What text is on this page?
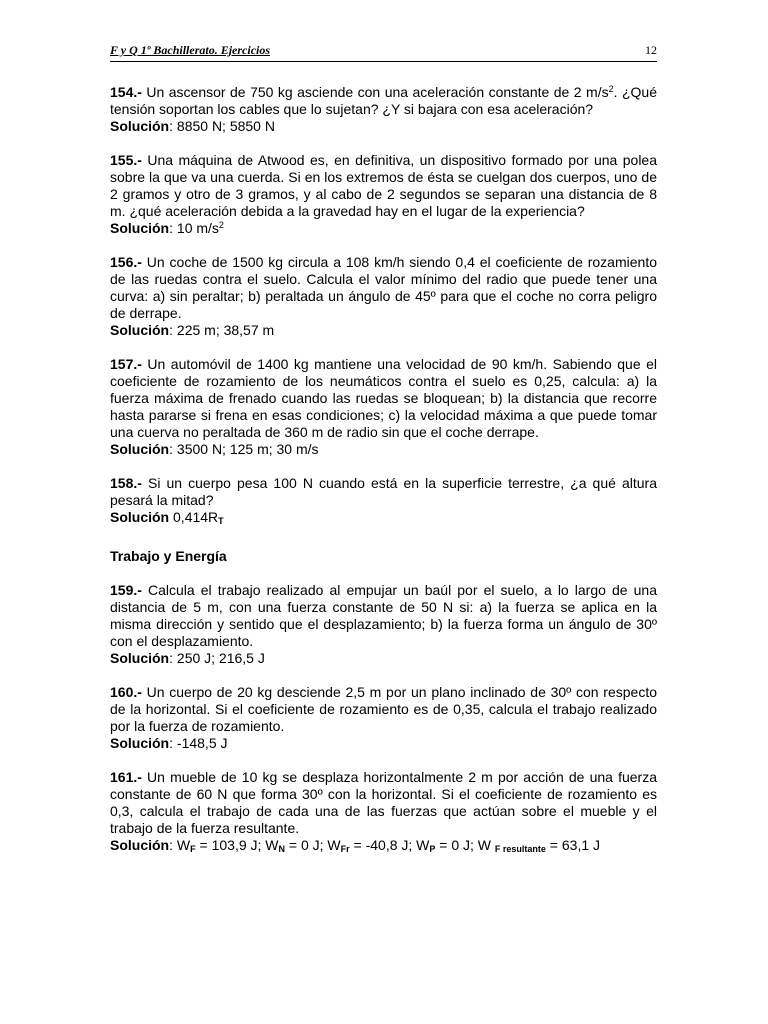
F y Q 1º Bachillerato. Ejercicios	12
154.- Un ascensor de 750 kg asciende con una aceleración constante de 2 $m/s^2$. ¿Qué tensión soportan los cables que lo sujetan? ¿Y si bajara con esa aceleración?
Solución: 8850 N; 5850 N
155.- Una máquina de Atwood es, en definitiva, un dispositivo formado por una polea sobre la que va una cuerda. Si en los extremos de ésta se cuelgan dos cuerpos, uno de 2 gramos y otro de 3 gramos, y al cabo de 2 segundos se separan una distancia de 8 m. ¿qué aceleración debida a la gravedad hay en el lugar de la experiencia?
Solución: 10 $m/s^2$
156.- Un coche de 1500 kg circula a 108 km/h siendo 0,4 el coeficiente de rozamiento de las ruedas contra el suelo. Calcula el valor mínimo del radio que puede tener una curva: a) sin peraltar; b) peraltada un ángulo de 45º para que el coche no corra peligro de derrape.
Solución: 225 m; 38,57 m
157.- Un automóvil de 1400 kg mantiene una velocidad de 90 km/h. Sabiendo que el coeficiente de rozamiento de los neumáticos contra el suelo es 0,25, calcula: a) la fuerza máxima de frenado cuando las ruedas se bloquean; b) la distancia que recorre hasta pararse si frena en esas condiciones; c) la velocidad máxima a que puede tomar una cuerva no peraltada de 360 m de radio sin que el coche derrape.
Solución: 3500 N; 125 m; 30 m/s
158.- Si un cuerpo pesa 100 N cuando está en la superficie terrestre, ¿a qué altura pesará la mitad?
Solución $0,414R_T$
Trabajo y Energía
159.- Calcula el trabajo realizado al empujar un baúl por el suelo, a lo largo de una distancia de 5 m, con una fuerza constante de 50 N si: a) la fuerza se aplica en la misma dirección y sentido que el desplazamiento; b) la fuerza forma un ángulo de 30º con el desplazamiento.
Solución: 250 J; 216,5 J
160.- Un cuerpo de 20 kg desciende 2,5 m por un plano inclinado de 30º con respecto de la horizontal. Si el coeficiente de rozamiento es de 0,35, calcula el trabajo realizado por la fuerza de rozamiento.
Solución: -148,5 J
161.- Un mueble de 10 kg se desplaza horizontalmente 2 m por acción de una fuerza constante de 60 N que forma 30º con la horizontal. Si el coeficiente de rozamiento es 0,3, calcula el trabajo de cada una de las fuerzas que actúan sobre el mueble y el trabajo de la fuerza resultante.
Solución: $W_F = 103,9$ J; $W_N = 0$ J; $W_{Fr} = -40,8$ J; $W_P = 0$ J; W $_{F resultante}$ = 63,1 J
